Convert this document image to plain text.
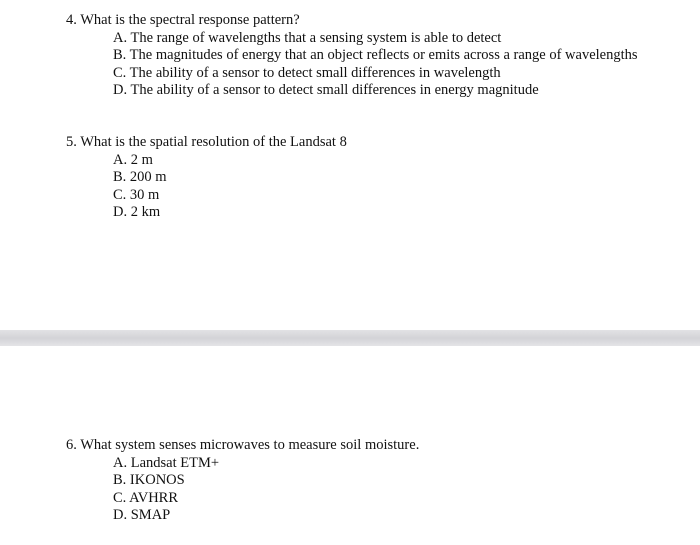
4. What is the spectral response pattern?

A. The range of wavelengths that a sensing system is able to detect
B. The magnitudes of energy that an object reflects or emits across a range of wavelengths
C. The ability of a sensor to detect small differences in wavelength
D. The ability of a sensor to detect small differences in energy magnitude

5. What is the spatial resolution of the Landsat 8

A. 2 m
B. 200 m
C. 30 m
D. 2 km

6. What system senses microwaves to measure soil moisture.

A. Landsat ETM+
B. IKONOS
C. AVHRR
D. SMAP
